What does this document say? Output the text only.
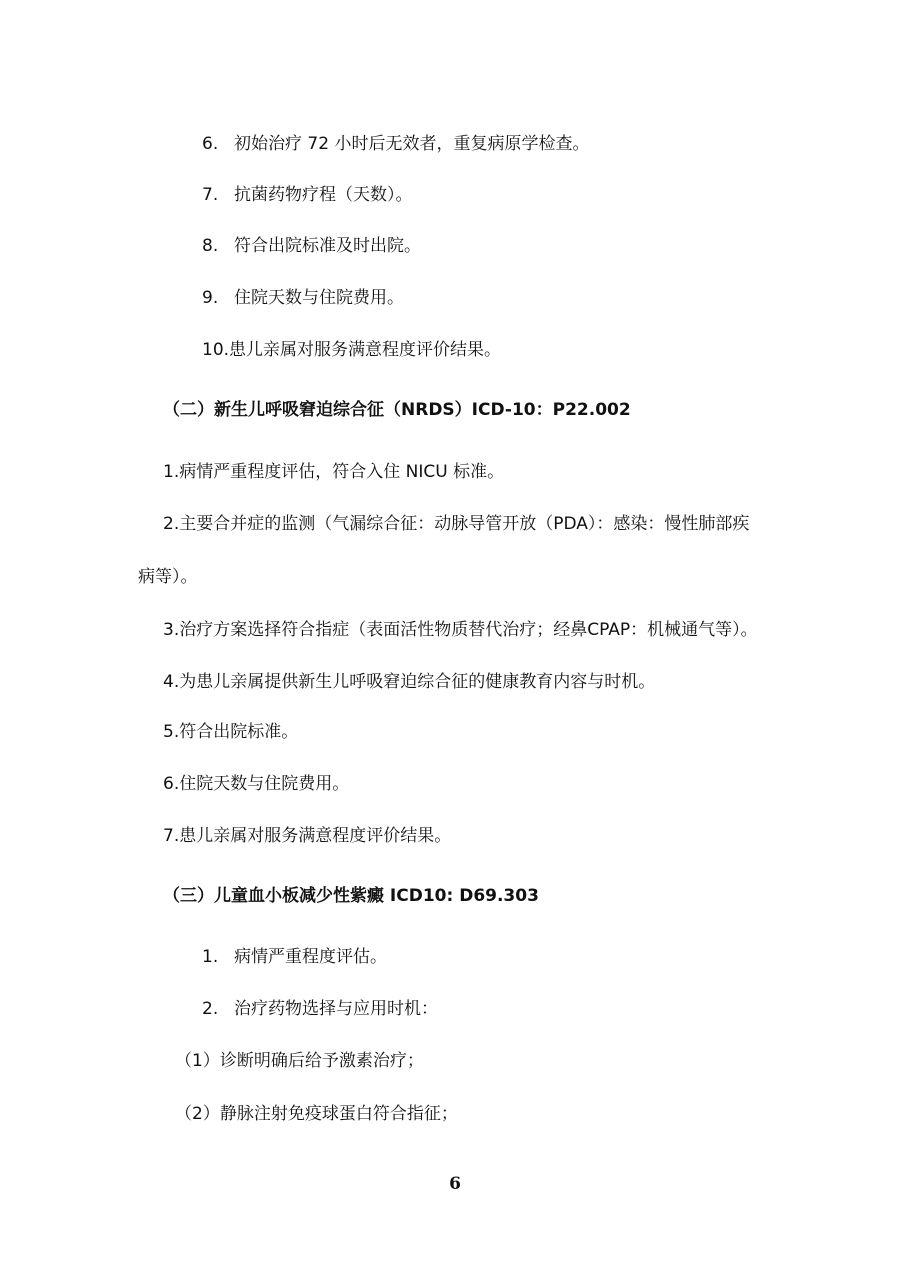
6. 初始治疗 72 小时后无效者，重复病原学检查。
7. 抗菌药物疗程（天数）。
8. 符合出院标准及时出院。
9. 住院天数与住院费用。
10.患儿亲属对服务满意程度评价结果。
（二）新生儿呼吸窘迫综合征（NRDS）ICD-10：P22.002
1.病情严重程度评估，符合入住 NICU 标准。
2.主要合并症的监测（气漏综合征：动脉导管开放（PDA）：感染：慢性肺部疾
病等）。
3.治疗方案选择符合指症（表面活性物质替代治疗；经鼻CPAP：机械通气等）。
4.为患儿亲属提供新生儿呼吸窘迫综合征的健康教育内容与时机。
5.符合出院标准。
6.住院天数与住院费用。
7.患儿亲属对服务满意程度评价结果。
（三）儿童血小板减少性紫癜 ICD10: D69.303
1. 病情严重程度评估。
2. 治疗药物选择与应用时机：
（1）诊断明确后给予激素治疗；
（2）静脉注射免疫球蛋白符合指征；
6
